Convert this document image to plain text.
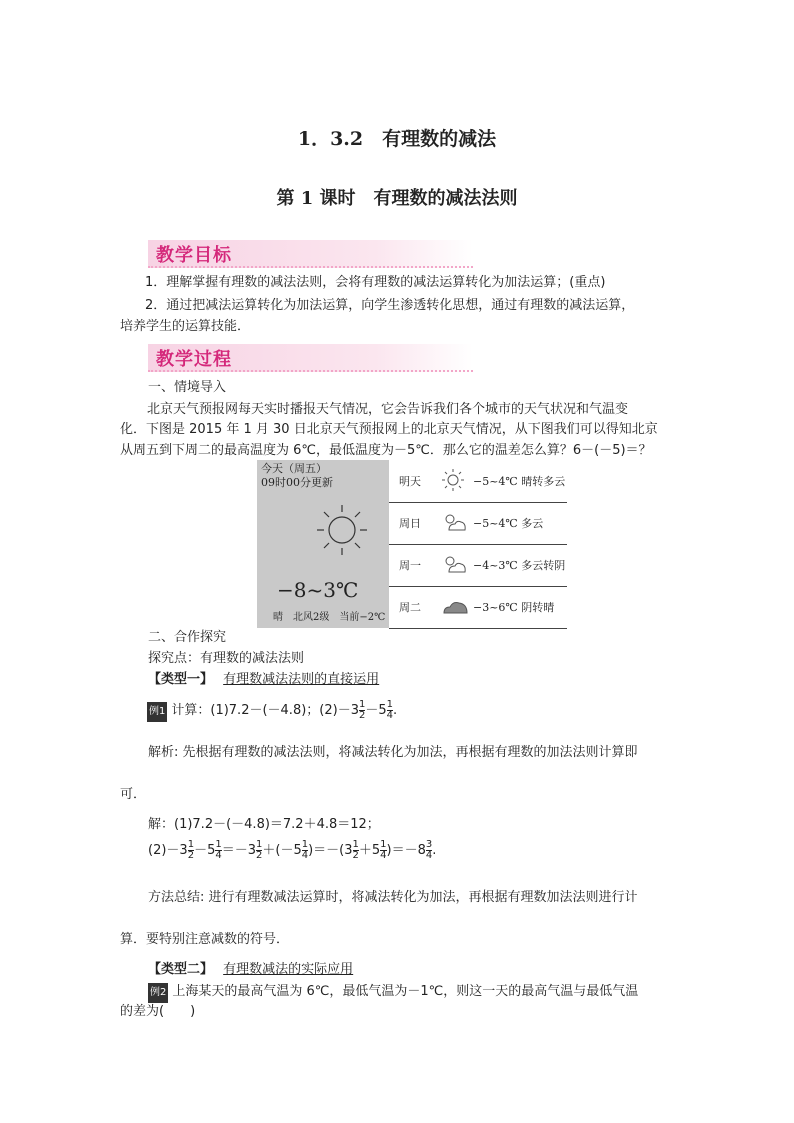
1．3.2　有理数的减法
第 1 课时　有理数的减法法则
教学目标
1．理解掌握有理数的减法法则，会将有理数的减法运算转化为加法运算；(重点)
2．通过把减法运算转化为加法运算，向学生渗透转化思想，通过有理数的减法运算，
培养学生的运算技能．
教学过程
一、情境导入
北京天气预报网每天实时播报天气情况，它会告诉我们各个城市的天气状况和气温变
化．下图是 2015 年 1 月 30 日北京天气预报网上的北京天气情况，从下图我们可以得知北京
从周五到下周二的最高温度为 6℃，最低温度为－5℃．那么它的温差怎么算？6－(－5)＝？
今天（周五）
09时00分更新
−8~3℃
晴　北风2级　当前−2℃
明天	−5~4℃ 晴转多云
周日	−5~4℃ 多云
周一	−4~3℃ 多云转阴
周二	−3~6℃ 阴转晴
二、合作探究
探究点：有理数的减法法则
【类型一】 有理数减法法则的直接运用
例1 计算：(1)7.2－(－4.8)；$(2)-3 \frac{1}{2} -5 \frac{1}{4}$ .
解析: 先根据有理数的减法法则，将减法转化为加法，再根据有理数的加法法则计算即
可．
解：(1)7.2－(－4.8)＝7.2＋4.8＝12；
$(2)-3 \frac{1}{2} -5 \frac{1}{4} =-3 \frac{1}{2} +(-5 \frac{1}{4} )=-(3 \frac{1}{2} +5 \frac{1}{4} )=-8 \frac{3}{4}$ .
方法总结: 进行有理数减法运算时，将减法转化为加法，再根据有理数加法法则进行计
算．要特别注意减数的符号．
【类型二】 有理数减法的实际应用
例2 上海某天的最高气温为 6℃，最低气温为－1℃，则这一天的最高气温与最低气温
的差为(　　)
